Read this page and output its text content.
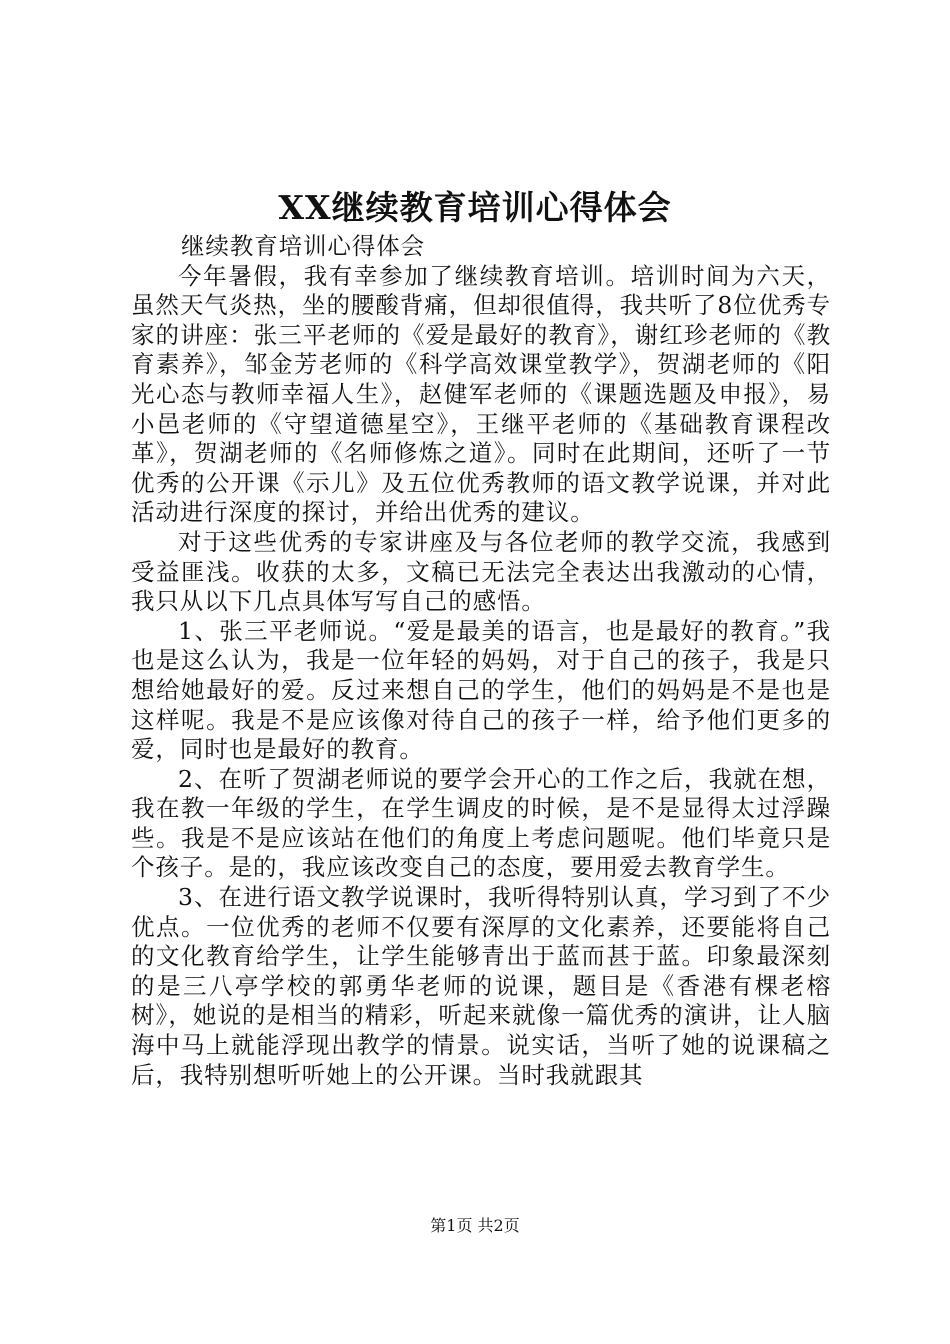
XX继续教育培训心得体会

继续教育培训心得体会

今年暑假，我有幸参加了继续教育培训。培训时间为六天，虽然天气炎热，坐的腰酸背痛，但却很值得，我共听了8位优秀专家的讲座：张三平老师的《爱是最好的教育》，谢红珍老师的《教育素养》，邹金芳老师的《科学高效课堂教学》，贺湖老师的《阳光心态与教师幸福人生》，赵健军老师的《课题选题及申报》，易小邑老师的《守望道德星空》，王继平老师的《基础教育课程改革》，贺湖老师的《名师修炼之道》。同时在此期间，还听了一节优秀的公开课《示儿》及五位优秀教师的语文教学说课，并对此活动进行深度的探讨，并给出优秀的建议。

对于这些优秀的专家讲座及与各位老师的教学交流，我感到受益匪浅。收获的太多，文稿已无法完全表达出我激动的心情，我只从以下几点具体写写自己的感悟。

1、张三平老师说。“爱是最美的语言，也是最好的教育。”我也是这么认为，我是一位年轻的妈妈，对于自己的孩子，我是只想给她最好的爱。反过来想自己的学生，他们的妈妈是不是也是这样呢。我是不是应该像对待自己的孩子一样，给予他们更多的爱，同时也是最好的教育。

2、在听了贺湖老师说的要学会开心的工作之后，我就在想，我在教一年级的学生，在学生调皮的时候，是不是显得太过浮躁些。我是不是应该站在他们的角度上考虑问题呢。他们毕竟只是个孩子。是的，我应该改变自己的态度，要用爱去教育学生。

3、在进行语文教学说课时，我听得特别认真，学习到了不少优点。一位优秀的老师不仅要有深厚的文化素养，还要能将自己的文化教育给学生，让学生能够青出于蓝而甚于蓝。印象最深刻的是三八亭学校的郭勇华老师的说课，题目是《香港有棵老榕树》，她说的是相当的精彩，听起来就像一篇优秀的演讲，让人脑海中马上就能浮现出教学的情景。说实话，当听了她的说课稿之后，我特别想听听她上的公开课。当时我就跟其

第1页 共2页
